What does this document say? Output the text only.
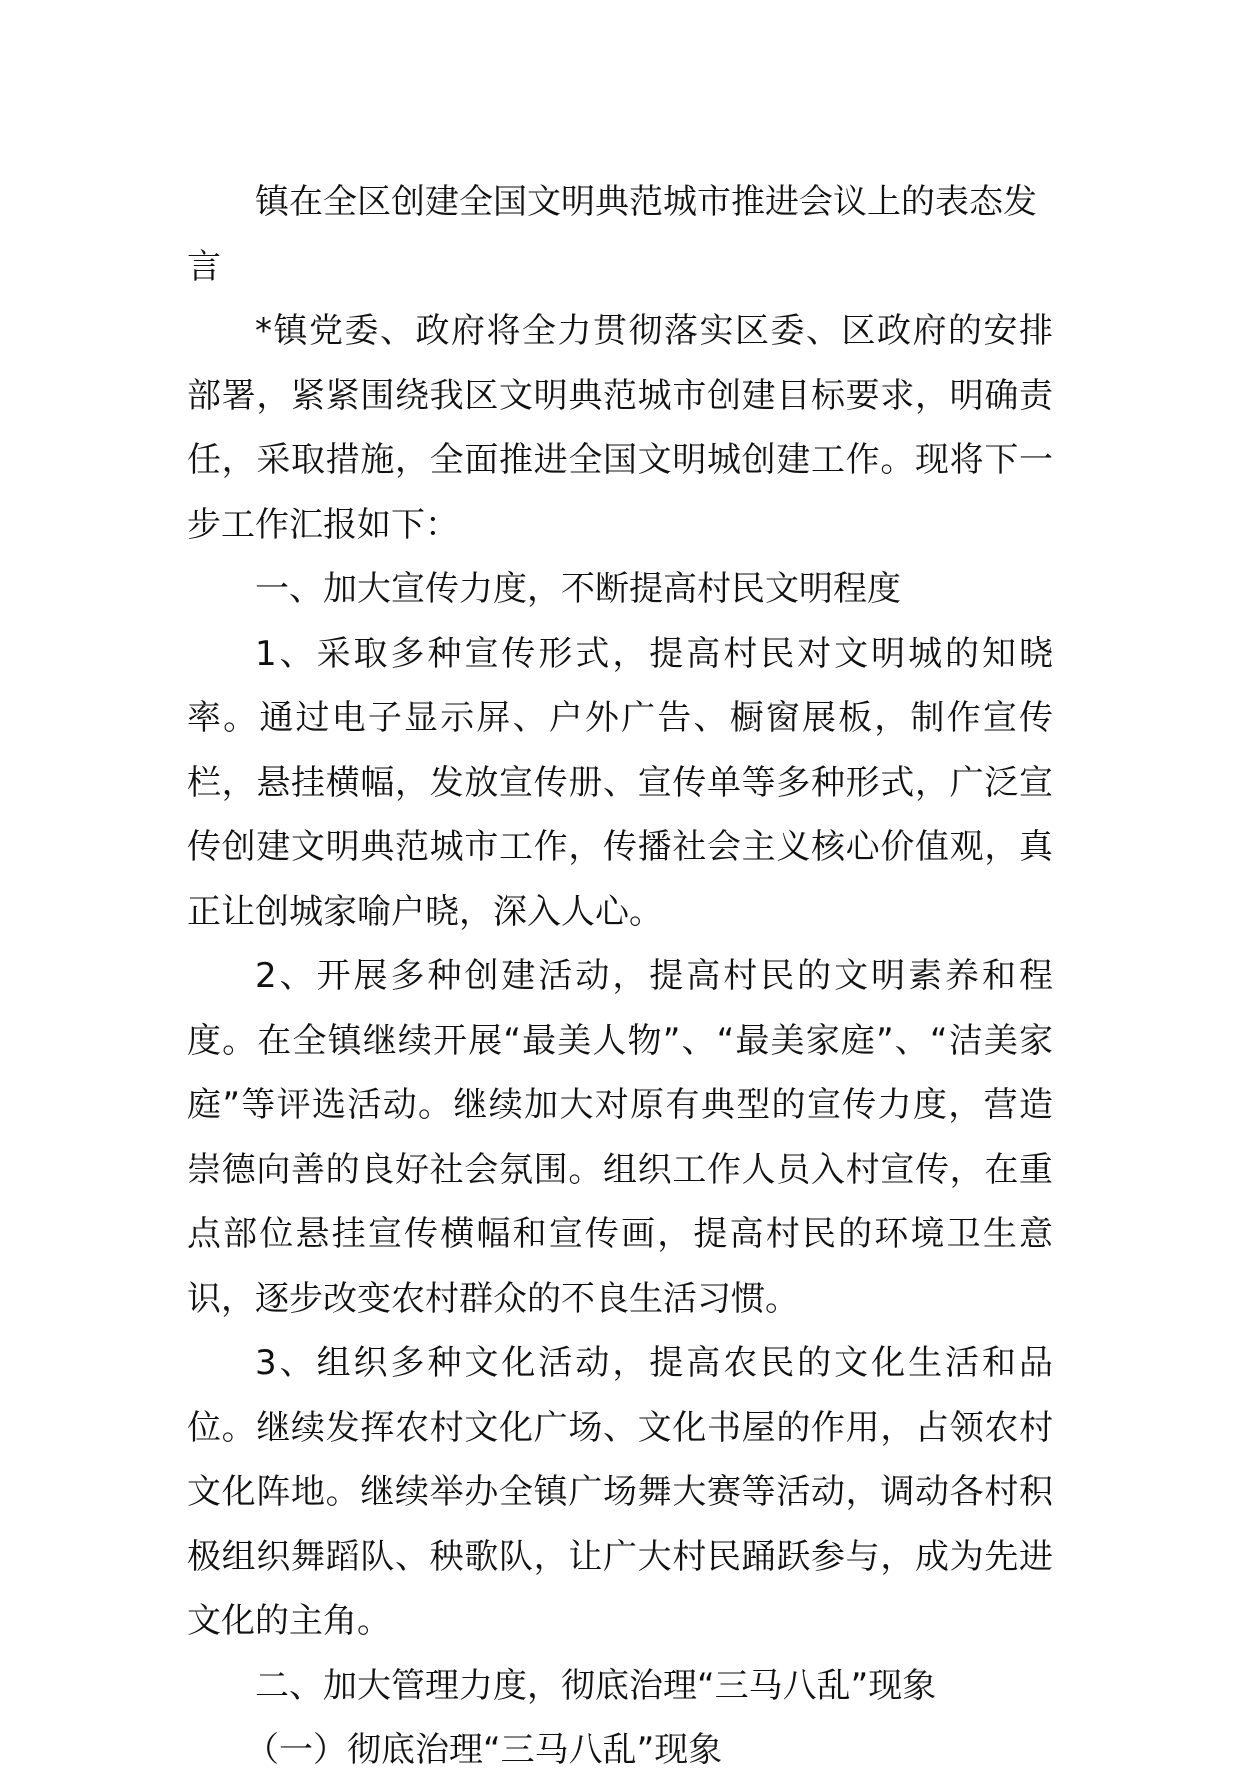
镇在全区创建全国文明典范城市推进会议上的表态发言

*镇党委、政府将全力贯彻落实区委、区政府的安排部署，紧紧围绕我区文明典范城市创建目标要求，明确责任，采取措施，全面推进全国文明城创建工作。现将下一步工作汇报如下：

一、加大宣传力度，不断提高村民文明程度

1、采取多种宣传形式，提高村民对文明城的知晓率。通过电子显示屏、户外广告、橱窗展板，制作宣传栏，悬挂横幅，发放宣传册、宣传单等多种形式，广泛宣传创建文明典范城市工作，传播社会主义核心价值观，真正让创城家喻户晓，深入人心。

2、开展多种创建活动，提高村民的文明素养和程度。在全镇继续开展“最美人物”、“最美家庭”、“洁美家庭”等评选活动。继续加大对原有典型的宣传力度，营造崇德向善的良好社会氛围。组织工作人员入村宣传，在重点部位悬挂宣传横幅和宣传画，提高村民的环境卫生意识，逐步改变农村群众的不良生活习惯。

3、组织多种文化活动，提高农民的文化生活和品位。继续发挥农村文化广场、文化书屋的作用，占领农村文化阵地。继续举办全镇广场舞大赛等活动，调动各村积极组织舞蹈队、秧歌队，让广大村民踊跃参与，成为先进文化的主角。

二、加大管理力度，彻底治理“三马八乱”现象

（一）彻底治理“三马八乱”现象
